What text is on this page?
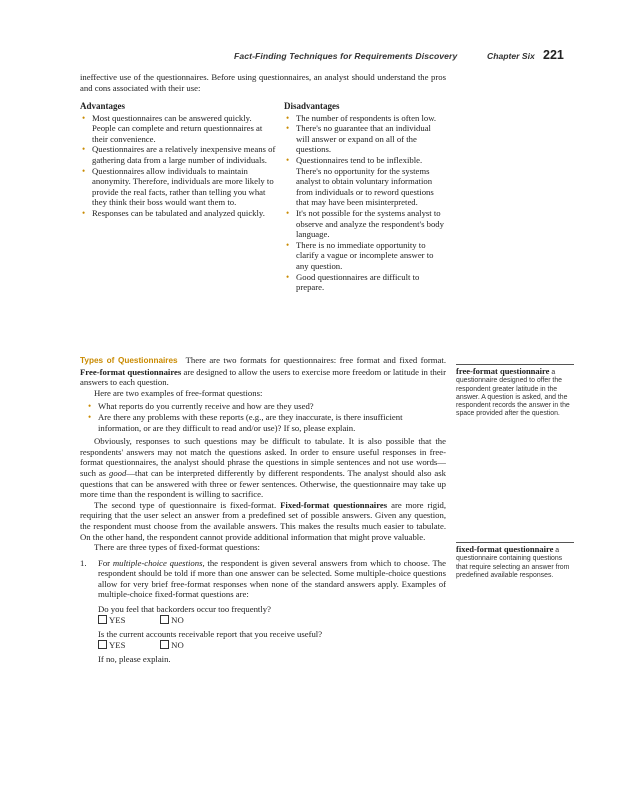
Fact-Finding Techniques for Requirements Discovery	Chapter Six 221

ineffective use of the questionnaires. Before using questionnaires, an analyst should understand the pros and cons associated with their use:

Advantages
• Most questionnaires can be answered quickly. People can complete and return questionnaires at their convenience.
• Questionnaires are a relatively inexpensive means of gathering data from a large number of individuals.
• Questionnaires allow individuals to maintain anonymity. Therefore, individuals are more likely to provide the real facts, rather than telling you what they think their boss would want them to.
• Responses can be tabulated and analyzed quickly.
Disadvantages
• The number of respondents is often low.
• There's no guarantee that an individual will answer or expand on all of the questions.
• Questionnaires tend to be inflexible. There's no opportunity for the systems analyst to obtain voluntary information from individuals or to reword questions that may have been misinterpreted.
• It's not possible for the systems analyst to observe and analyze the respondent's body language.
• There is no immediate opportunity to clarify a vague or incomplete answer to any question.
• Good questionnaires are difficult to prepare.

Types of Questionnaires There are two formats for questionnaires: free format and fixed format. Free-format questionnaires are designed to allow the users to exercise more freedom or latitude in their answers to each question.

Here are two examples of free-format questions:

• What reports do you currently receive and how are they used?
• Are there any problems with these reports (e.g., are they inaccurate, is there insufficient information, or are they difficult to read and/or use)? If so, please explain.

Obviously, responses to such questions may be difficult to tabulate. It is also possible that the respondents' answers may not match the questions asked. In order to ensure useful responses in free-format questionnaires, the analyst should phrase the questions in simple sentences and not use words—such as good—that can be interpreted differently by different respondents. The analyst should also ask questions that can be answered with three or fewer sentences. Otherwise, the questionnaire may take up more time than the respondent is willing to sacrifice.

The second type of questionnaire is fixed-format. Fixed-format questionnaires are more rigid, requiring that the user select an answer from a predefined set of possible answers. Given any question, the respondent must choose from the available answers. This makes the results much easier to tabulate. On the other hand, the respondent cannot provide additional information that might prove valuable.

There are three types of fixed-format questions:

1. For multiple-choice questions, the respondent is given several answers from which to choose. The respondent should be told if more than one answer can be selected. Some multiple-choice questions allow for very brief free-format responses when none of the standard answers apply. Examples of multiple-choice fixed-format questions are:

Do you feel that backorders occur too frequently?
YES	NO
Is the current accounts receivable report that you receive useful?
YES	NO
If no, please explain.
free-format questionnaire a questionnaire designed to offer the respondent greater latitude in the answer. A question is asked, and the respondent records the answer in the space provided after the question.
fixed-format questionnaire a questionnaire containing questions that require selecting an answer from predefined available responses.
